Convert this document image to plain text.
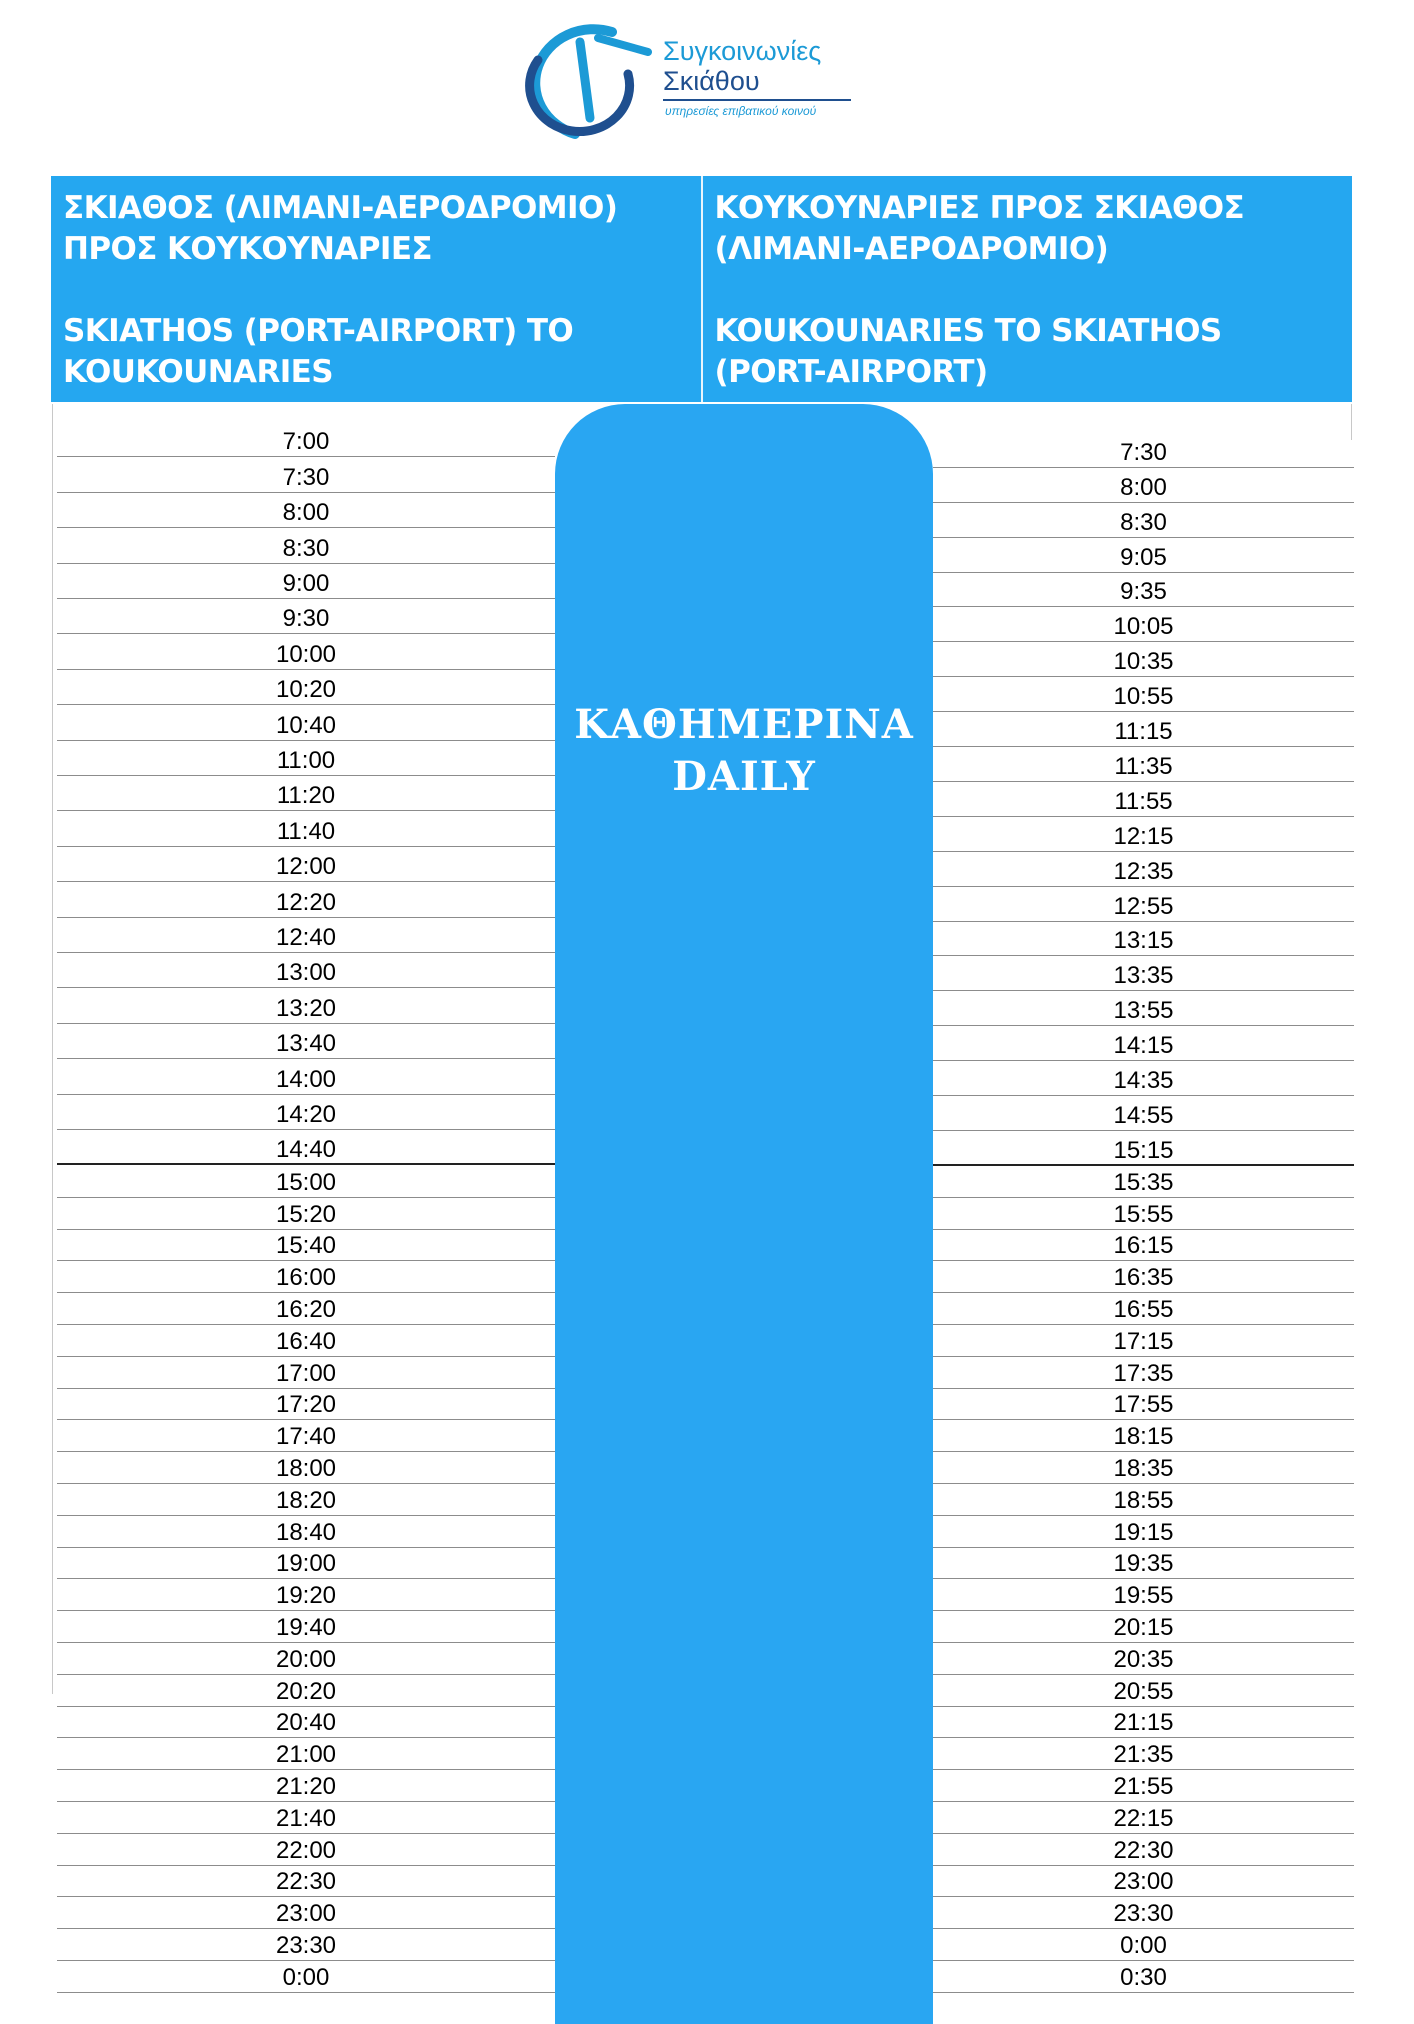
Συγκοινωνίες
Σκιάθου
υπηρεσίες επιβατικού κοινού
ΣΚΙΑΘΟΣ (ΛΙΜΑΝΙ-ΑΕΡΟΔΡΟΜΙΟ) ΠΡΟΣ ΚΟΥΚΟΥΝΑΡΙΕΣ
SKIATHOS (PORT-AIRPORT) TO KOUKOUNARIES
ΚΟΥΚΟΥΝΑΡΙΕΣ ΠΡΟΣ ΣΚΙΑΘΟΣ (ΛΙΜΑΝΙ-ΑΕΡΟΔΡΟΜΙΟ)
KOUKOUNARIES TO SKIATHOS (PORT-AIRPORT)
7:00
7:30
8:00
8:30
9:00
9:30
10:00
10:20
10:40
11:00
11:20
11:40
12:00
12:20
12:40
13:00
13:20
13:40
14:00
14:20
14:40
15:00
15:20
15:40
16:00
16:20
16:40
17:00
17:20
17:40
18:00
18:20
18:40
19:00
19:20
19:40
20:00
20:20
20:40
21:00
21:20
21:40
22:00
22:30
23:00
23:30
0:00
7:30
8:00
8:30
9:05
9:35
10:05
10:35
10:55
11:15
11:35
11:55
12:15
12:35
12:55
13:15
13:35
13:55
14:15
14:35
14:55
15:15
15:35
15:55
16:15
16:35
16:55
17:15
17:35
17:55
18:15
18:35
18:55
19:15
19:35
19:55
20:15
20:35
20:55
21:15
21:35
21:55
22:15
22:30
23:00
23:30
0:00
0:30
ΚΑΘΗΜΕΡΙΝΑ
DAILY
